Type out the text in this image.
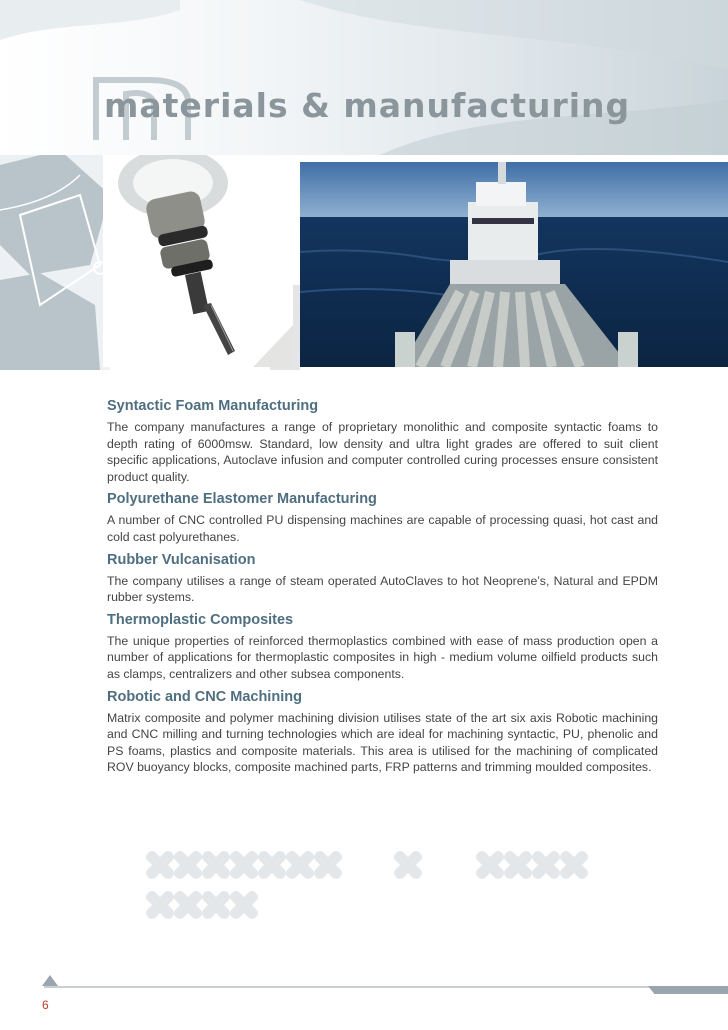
materials & manufacturing
Syntactic Foam Manufacturing

The company manufactures a range of proprietary monolithic and composite syntactic foams to depth rating of 6000msw. Standard, low density and ultra light grades are offered to suit client specific applications, Autoclave infusion and computer controlled curing processes ensure consistent product quality.

Polyurethane Elastomer Manufacturing

A number of CNC controlled PU dispensing machines are capable of processing quasi, hot cast and cold cast polyurethanes.

Rubber Vulcanisation

The company utilises a range of steam operated AutoClaves to hot Neoprene’s, Natural and EPDM rubber systems.

Thermoplastic Composites

The unique properties of reinforced thermoplastics combined with ease of mass production open a number of applications for thermoplastic composites in high - medium volume oilfield products such as clamps, centralizers and other subsea components.

Robotic and CNC Machining

Matrix composite and polymer machining division utilises state of the art six axis Robotic machining and CNC milling and turning technologies which are ideal for machining syntactic, PU, phenolic and PS foams, plastics and composite materials. This area is utilised for the machining of complicated ROV buoyancy blocks, composite machined parts, FRP patterns and trimming moulded composites.

6
